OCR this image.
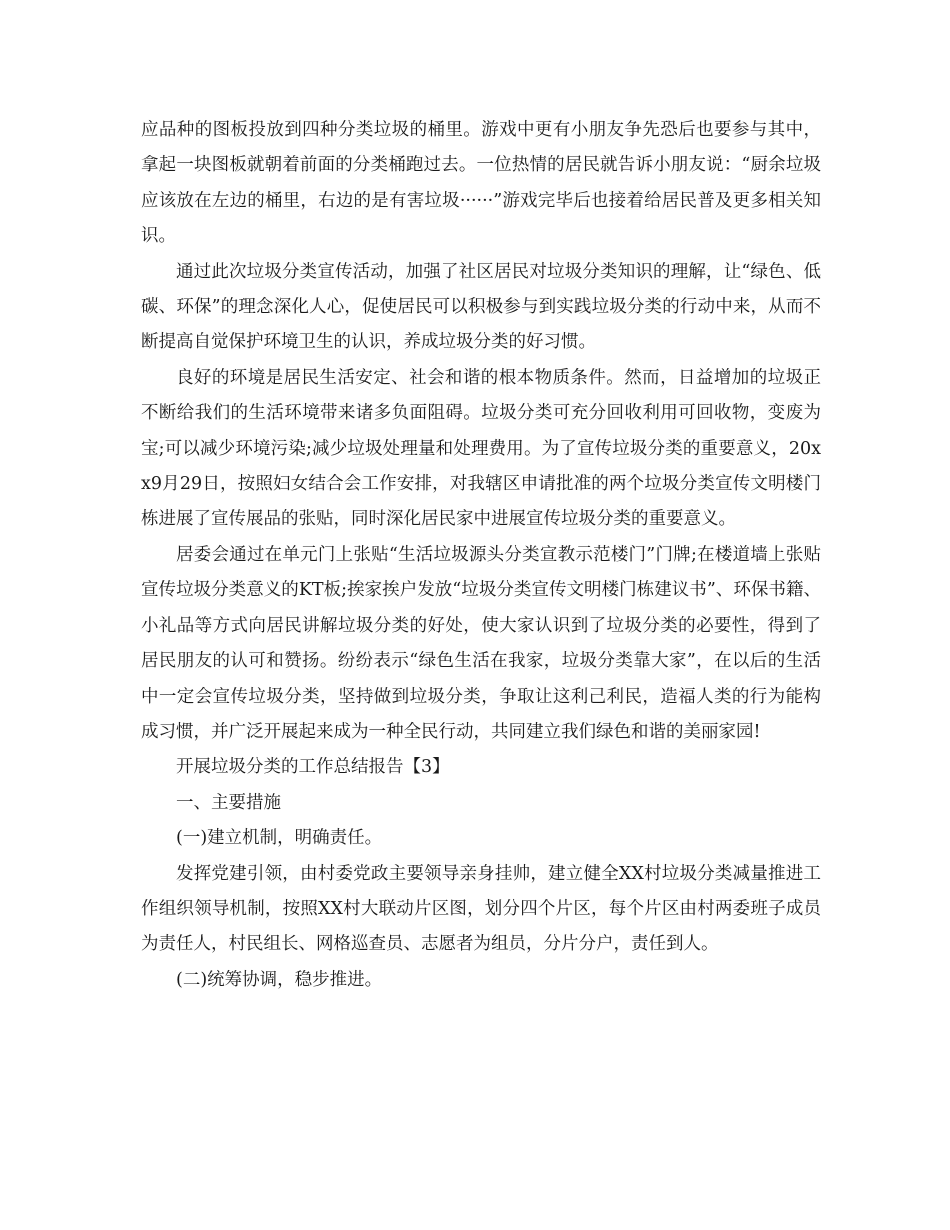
应品种的图板投放到四种分类垃圾的桶里。游戏中更有小朋友争先恐后也要参与其中，拿起一块图板就朝着前面的分类桶跑过去。一位热情的居民就告诉小朋友说：“厨余垃圾应该放在左边的桶里，右边的是有害垃圾······”游戏完毕后也接着给居民普及更多相关知识。

通过此次垃圾分类宣传活动，加强了社区居民对垃圾分类知识的理解，让“绿色、低碳、环保”的理念深化人心，促使居民可以积极参与到实践垃圾分类的行动中来，从而不断提高自觉保护环境卫生的认识，养成垃圾分类的好习惯。

良好的环境是居民生活安定、社会和谐的根本物质条件。然而，日益增加的垃圾正不断给我们的生活环境带来诸多负面阻碍。垃圾分类可充分回收利用可回收物，变废为宝;可以减少环境污染;减少垃圾处理量和处理费用。为了宣传垃圾分类的重要意义，20xx9月29日，按照妇女结合会工作安排，对我辖区申请批准的两个垃圾分类宣传文明楼门栋进展了宣传展品的张贴，同时深化居民家中进展宣传垃圾分类的重要意义。

居委会通过在单元门上张贴“生活垃圾源头分类宣教示范楼门”门牌;在楼道墙上张贴宣传垃圾分类意义的KT板;挨家挨户发放“垃圾分类宣传文明楼门栋建议书”、环保书籍、小礼品等方式向居民讲解垃圾分类的好处，使大家认识到了垃圾分类的必要性，得到了居民朋友的认可和赞扬。纷纷表示“绿色生活在我家，垃圾分类靠大家”，在以后的生活中一定会宣传垃圾分类，坚持做到垃圾分类，争取让这利己利民，造福人类的行为能构成习惯，并广泛开展起来成为一种全民行动，共同建立我们绿色和谐的美丽家园!

开展垃圾分类的工作总结报告【3】

一、主要措施

(一)建立机制，明确责任。

发挥党建引领，由村委党政主要领导亲身挂帅，建立健全XX村垃圾分类减量推进工作组织领导机制，按照XX村大联动片区图，划分四个片区，每个片区由村两委班子成员为责任人，村民组长、网格巡查员、志愿者为组员，分片分户，责任到人。

(二)统筹协调，稳步推进。
